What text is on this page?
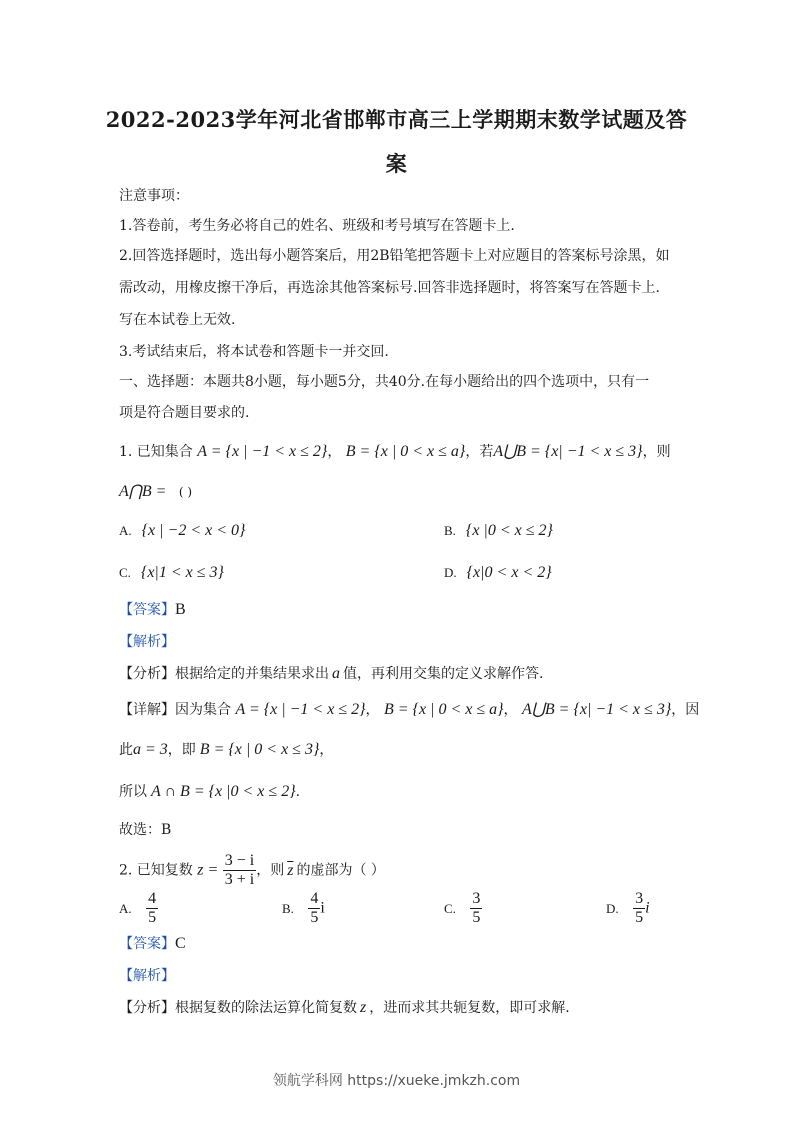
2022-2023学年河北省邯郸市高三上学期期末数学试题及答
案
注意事项：
1.答卷前，考生务必将自己的姓名、班级和考号填写在答题卡上.
2.回答选择题时，选出每小题答案后，用2B铅笔把答题卡上对应题目的答案标号涂黑，如
需改动，用橡皮擦干净后，再选涂其他答案标号.回答非选择题时，将答案写在答题卡上.
写在本试卷上无效.
3.考试结束后，将本试卷和答题卡一并交回.
一、选择题：本题共8小题，每小题5分，共40分.在每小题给出的四个选项中，只有一
项是符合题目要求的.
1. 已知集合 A = {x | −1 < x ≤ 2}， B = {x | 0 < x ≤ a}，若A⋃B = {x| −1 < x ≤ 3}，则
A⋂B = ( )
A. {x | −2 < x < 0}	B. {x |0 < x ≤ 2}
C. {x|1 < x ≤ 3}	D. {x|0 < x < 2}
【答案】B
【解析】
【分析】根据给定的并集结果求出 a 值，再利用交集的定义求解作答.
【详解】因为集合 A = {x | −1 < x ≤ 2}， B = {x | 0 < x ≤ a}， A⋃B = {x| −1 < x ≤ 3}，因
此a = 3，即 B = {x | 0 < x ≤ 3}，
所以 A ∩ B = {x |0 < x ≤ 2}.
故选：B
2. 已知复数 $z = \frac{3 - i}{3 + i}$ ，则 $\overline{z}$ 的虚部为（ ）
A. $\frac{4}{5}$	B. $\frac{4}{5}$ i	C. $\frac{3}{5}$	D. $\frac{3}{5}$ i
【答案】C
【解析】
【分析】根据复数的除法运算化简复数 z ，进而求其共轭复数，即可求解.
领航学科网 https://xueke.jmkzh.com
